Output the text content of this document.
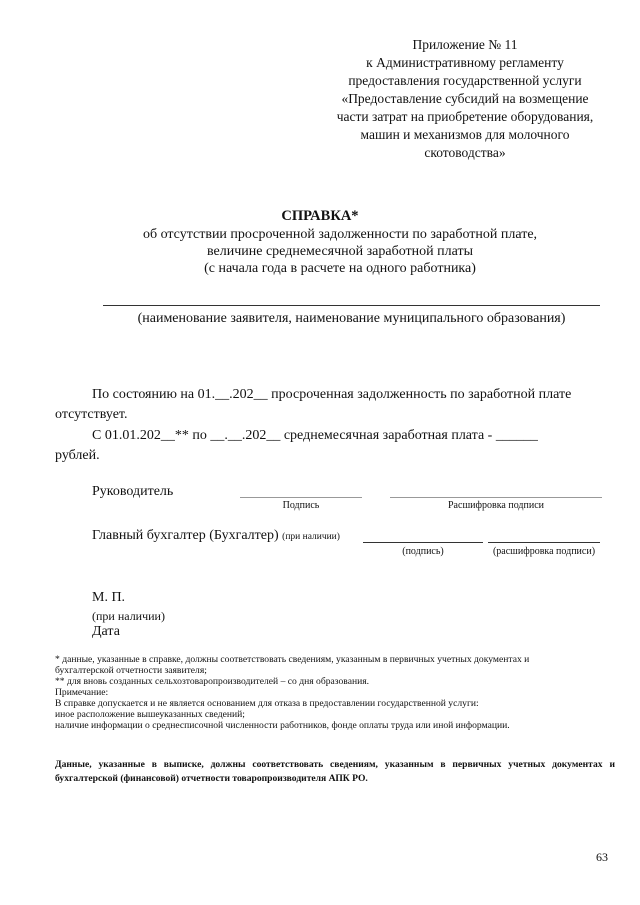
Приложение № 11
к Административному регламенту
предоставления государственной услуги
«Предоставление субсидий на возмещение
части затрат на приобретение оборудования,
машин и механизмов для молочного
скотоводства»
СПРАВКА*
об отсутствии просроченной задолженности по заработной плате,
величине среднемесячной заработной платы
(с начала года в расчете на одного работника)
(наименование заявителя, наименование муниципального образования)
По состоянию на 01.__.202__ просроченная задолженность по заработной плате
отсутствует.
С 01.01.202__** по __.__.202__ среднемесячная заработная плата - ______
рублей.
Руководитель
Подпись	Расшифровка подписи
Главный бухгалтер (Бухгалтер) (при наличии)
(подпись)	(расшифровка подписи)
М. П.
(при наличии)
Дата
* данные, указанные в справке, должны соответствовать сведениям, указанным в первичных учетных документах и
бухгалтерской отчетности заявителя;
** для вновь созданных сельхозтоваропроизводителей – со дня образования.
Примечание:
В справке допускается и не является основанием для отказа в предоставлении государственной услуги:
иное расположение вышеуказанных сведений;
наличие информации о среднесписочной численности работников, фонде оплаты труда или иной информации.
Данные, указанные в выписке, должны соответствовать сведениям, указанным в первичных учетных документах и бухгалтерской (финансовой) отчетности товаропроизводителя АПК РО.
63
